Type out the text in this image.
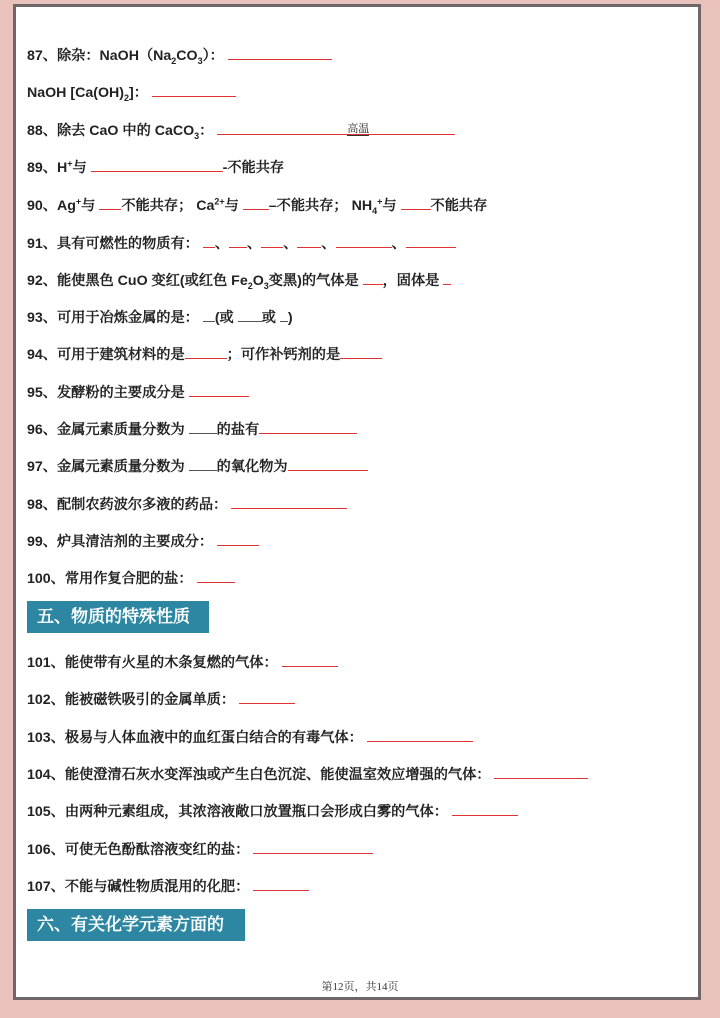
87、除杂：$NaOH(Na_2CO_3)$：
NaOH $[Ca(OH)_2]$：
88、除去 CaO 中的 CaCO$_3$：	高温
89、H+与	-不能共存
90、Ag+与 不能共存； $Ca^{2+}$与 –不能共存； $NH_4^+$与 不能共存
91、具有可燃性的物质有： 、 、 、 、	、
92、能使黑色 CuO 变红(或红色 $Fe_2O_3$变黑)的气体是 ，固体是
93、可用于冶炼金属的是： (或 或 )
94、可用于建筑材料的是	；可作补钙剂的是
95、发酵粉的主要成分是
96、金属元素质量分数为 的盐有
97、金属元素质量分数为 的氧化物为
98、配制农药波尔多液的药品：
99、炉具清洁剂的主要成分：
100、常用作复合肥的盐：
五、物质的特殊性质
101、能使带有火星的木条复燃的气体：
102、能被磁铁吸引的金属单质：
103、极易与人体血液中的血红蛋白结合的有毒气体：
104、能使澄清石灰水变浑浊或产生白色沉淀、能使温室效应增强的气体：
105、由两种元素组成，其浓溶液敞口放置瓶口会形成白雾的气体：
106、可使无色酚酞溶液变红的盐：
107、不能与碱性物质混用的化肥：
六、有关化学元素方面的
第12页，共14页
